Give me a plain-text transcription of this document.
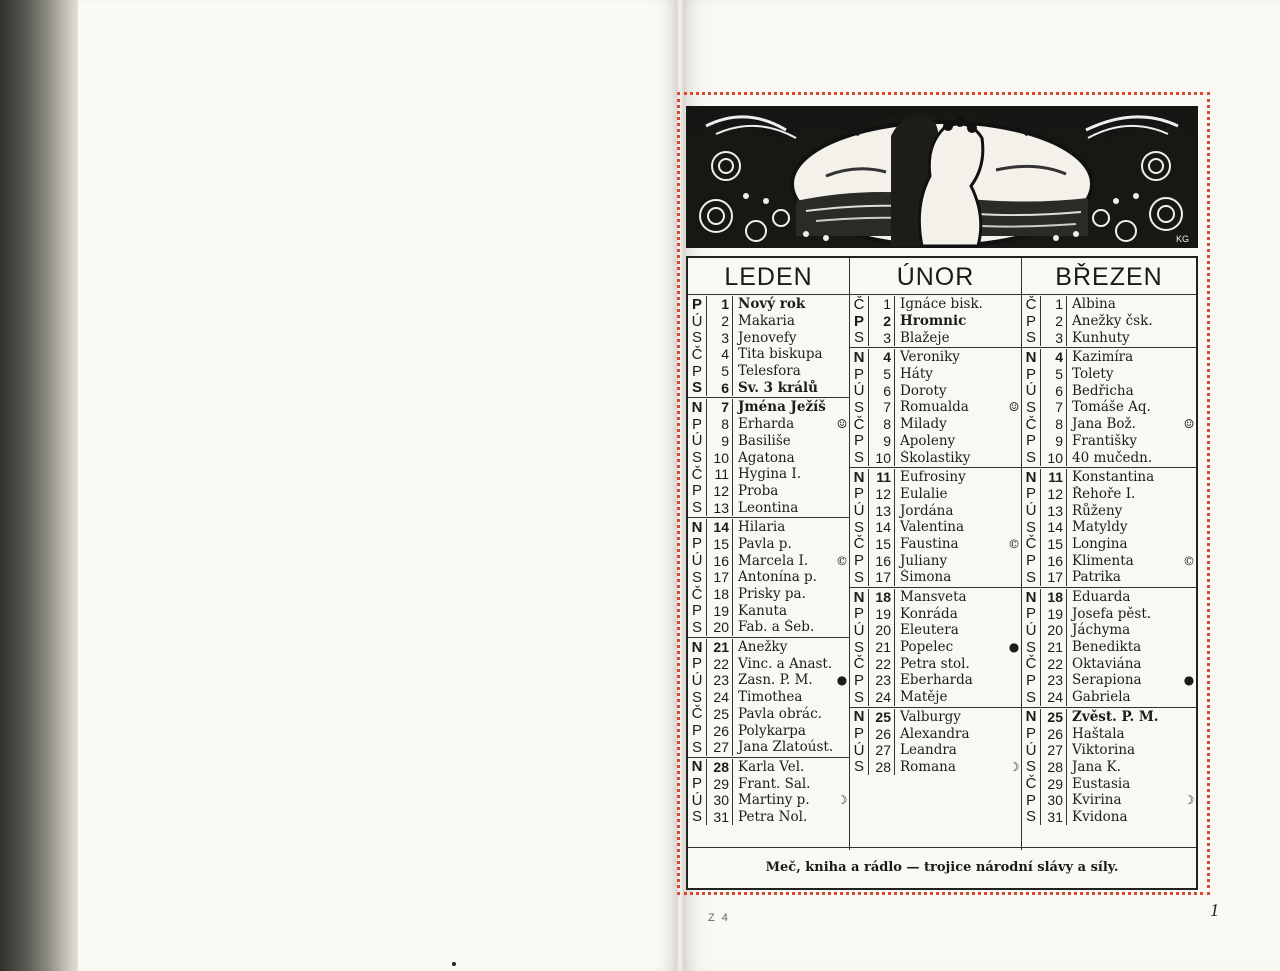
KG
LEDEN
P	1 Nový rok
Ú	2 Makaria
S	3 Jenovefy
Č	4 Tita biskupa
P	5 Telesfora
S	6 Sv. 3 králů
N	7 Jména Ježíš
P	8 Erharda	☺
Ú	9 Basiliše
S 10 Agatona
Č 11 Hygina I.
P 12 Proba
S 13 Leontina
N 14 Hilaria
P 15 Pavla p.
Ú 16 Marcela I.	©
S 17 Antonína p.
Č 18 Prisky pa.
P 19 Kanuta
S 20 Fab. a Šeb.
N 21 Anežky
P 22 Vinc. a Anast.
Ú 23 Zasn. P. M.	●
S 24 Timothea
Č 25 Pavla obrác.
P 26 Polykarpa
S 27 Jana Zlatoúst.
N 28 Karla Vel.
P 29 Frant. Sal.
Ú 30 Martiny p.	☽
S 31 Petra Nol.
ÚNOR
Č	1 Ignáce bisk.
P	2 Hromnic
S	3 Blažeje
N	4 Veroniky
P	5 Háty
Ú	6 Doroty
S	7 Romualda	☺
Č	8 Milady
P	9 Apoleny
S 10 Školastiky
N 11 Eufrosiny
P 12 Eulalie
Ú 13 Jordána
S 14 Valentina
Č 15 Faustina	©
P 16 Juliany
S 17 Šimona
N 18 Mansveta
P 19 Konráda
Ú 20 Eleutera
S 21 Popelec	●
Č 22 Petra stol.
P 23 Eberharda
S 24 Matěje
N 25 Valburgy
P 26 Alexandra
Ú 27 Leandra
S 28 Romana	☽
BŘEZEN
Č	1 Albina
P	2 Anežky čsk.
S	3 Kunhuty
N	4 Kazimíra
P	5 Tolety
Ú	6 Bedřicha
S	7 Tomáše Aq.
Č	8 Jana Bož.	☺
P	9 Františky
S 10 40 mučedn.
N 11 Konstantina
P 12 Řehoře I.
Ú 13 Růženy
S 14 Matyldy
Č 15 Longina
P 16 Klimenta	©
S 17 Patrika
N 18 Eduarda
P 19 Josefa pěst.
Ú 20 Jáchyma
S 21 Benedikta
Č 22 Oktaviána
P 23 Serapiona	●
S 24 Gabriela
N 25 Zvěst. P. M.
P 26 Haštala
Ú 27 Viktorina
S 28 Jana K.
Č 29 Eustasia
P 30 Kvirina	☽
S 31 Kvidona
Meč, kniha a rádlo — trojice národní slávy a síly.
Z 4	1
